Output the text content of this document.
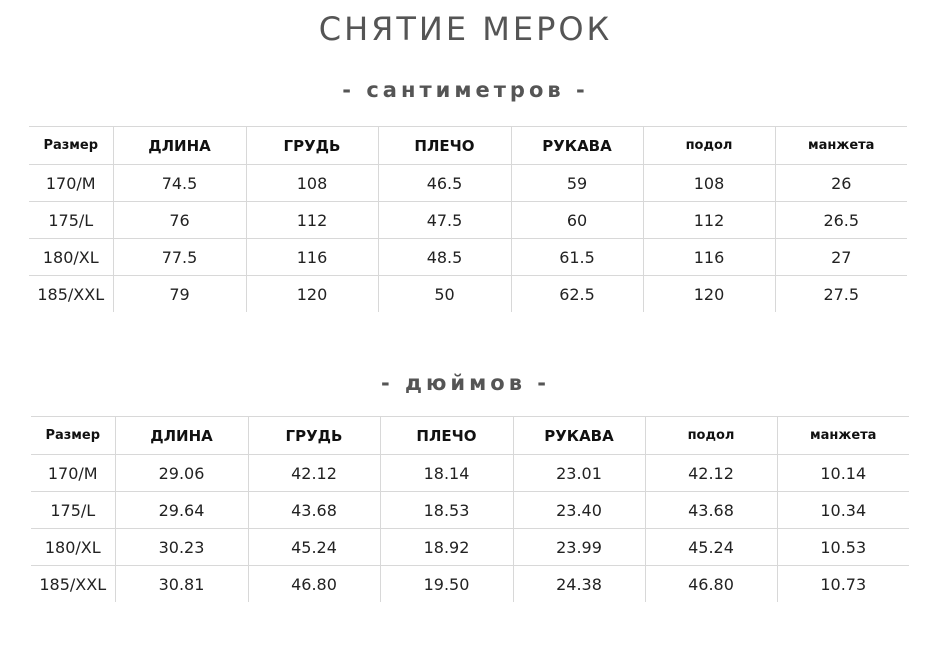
СНЯТИЕ МЕРОК
- сантиметров -
Размер	ДЛИНА	ГРУДЬ	ПЛЕЧО	РУКАВА	подол	манжета
170/M	74.5	108	46.5	59	108	26
175/L	76	112	47.5	60	112	26.5
180/XL	77.5	116	48.5	61.5	116	27
185/XXL	79	120	50	62.5	120	27.5
- дюймов -
Размер	ДЛИНА	ГРУДЬ	ПЛЕЧО	РУКАВА	подол	манжета
170/M	29.06	42.12	18.14	23.01	42.12	10.14
175/L	29.64	43.68	18.53	23.40	43.68	10.34
180/XL	30.23	45.24	18.92	23.99	45.24	10.53
185/XXL	30.81	46.80	19.50	24.38	46.80	10.73
